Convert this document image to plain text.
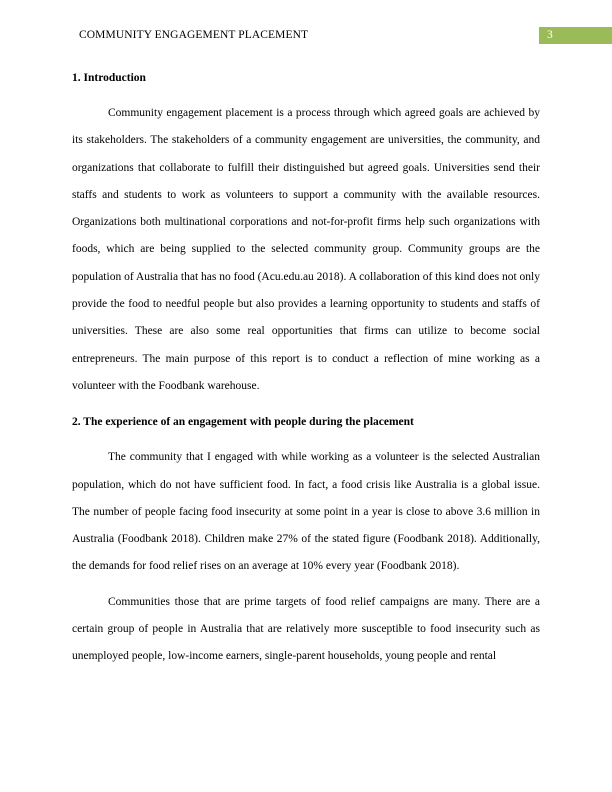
COMMUNITY ENGAGEMENT PLACEMENT	3
1. Introduction

Community engagement placement is a process through which agreed goals are achieved by its stakeholders. The stakeholders of a community engagement are universities, the community, and organizations that collaborate to fulfill their distinguished but agreed goals. Universities send their staffs and students to work as volunteers to support a community with the available resources. Organizations both multinational corporations and not-for-profit firms help such organizations with foods, which are being supplied to the selected community group. Community groups are the population of Australia that has no food (Acu.edu.au 2018). A collaboration of this kind does not only provide the food to needful people but also provides a learning opportunity to students and staffs of universities. These are also some real opportunities that firms can utilize to become social entrepreneurs. The main purpose of this report is to conduct a reflection of mine working as a volunteer with the Foodbank warehouse.

2. The experience of an engagement with people during the placement

The community that I engaged with while working as a volunteer is the selected Australian population, which do not have sufficient food. In fact, a food crisis like Australia is a global issue. The number of people facing food insecurity at some point in a year is close to above 3.6 million in Australia (Foodbank 2018). Children make 27% of the stated figure (Foodbank 2018). Additionally, the demands for food relief rises on an average at 10% every year (Foodbank 2018).

Communities those that are prime targets of food relief campaigns are many. There are a certain group of people in Australia that are relatively more susceptible to food insecurity such as unemployed people, low-income earners, single-parent households, young people and rental
